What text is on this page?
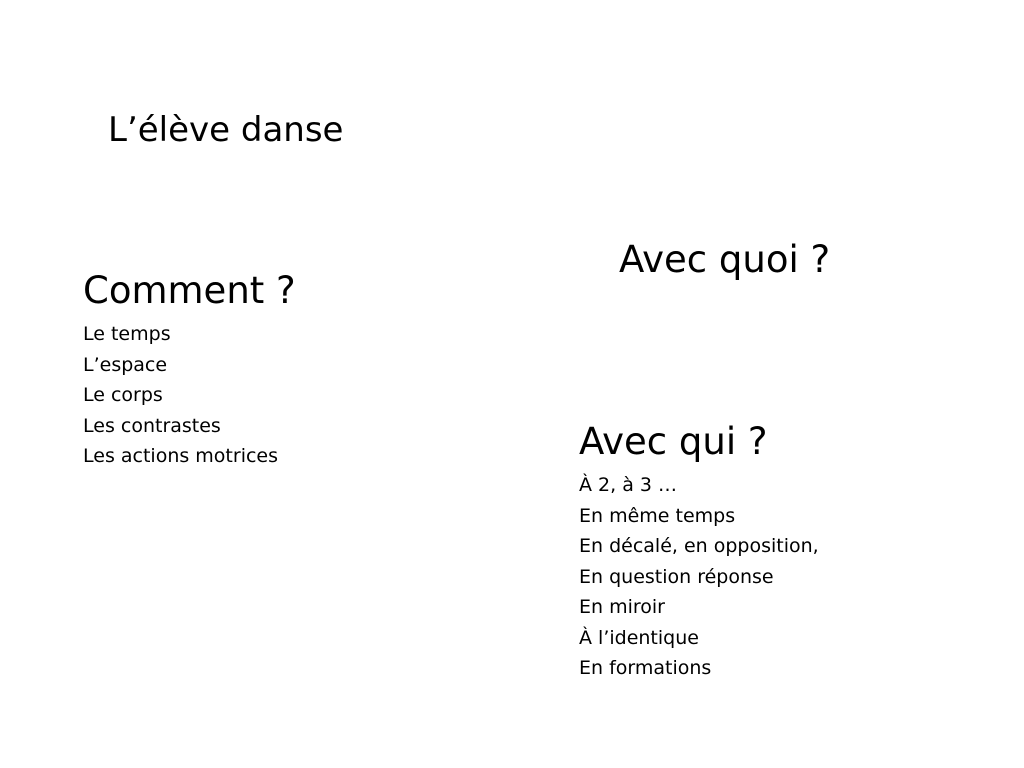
L’élève danse
Comment ?
Le temps
L’espace
Le corps
Les contrastes
Les actions motrices
Avec quoi ?
Avec qui ?
À 2, à 3 …
En même temps
En décalé, en opposition,
En question réponse
En miroir
À l’identique
En formations
